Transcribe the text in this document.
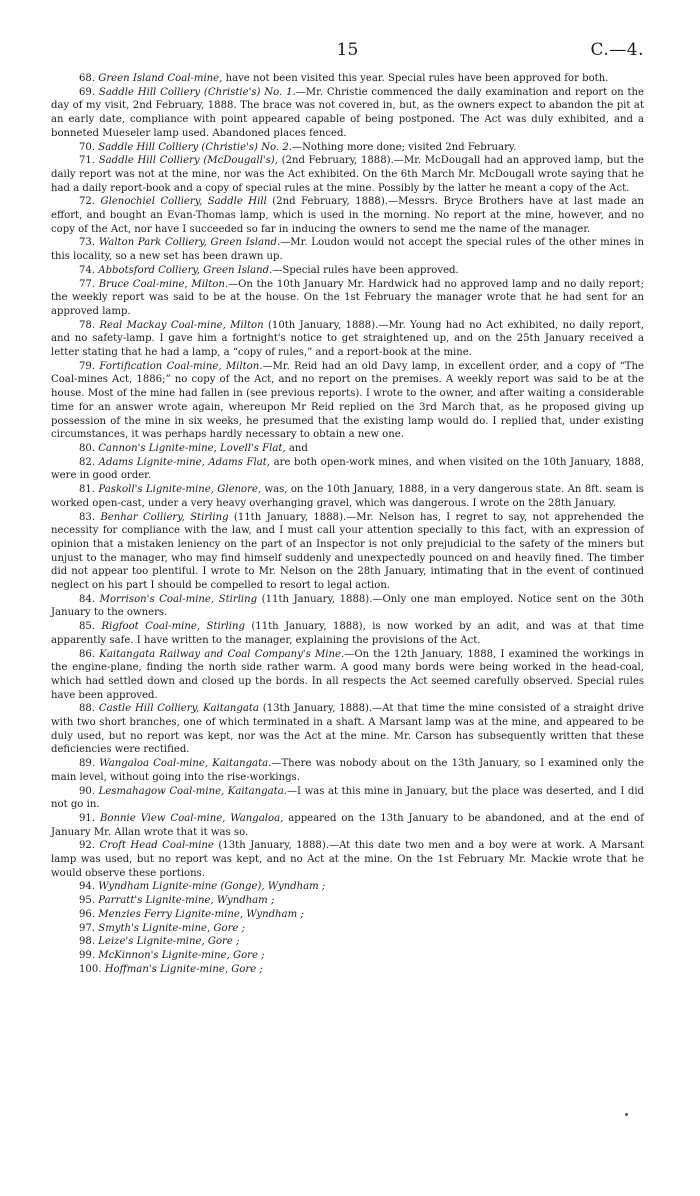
15	C.—4.

68. Green Island Coal-mine, have not been visited this year. Special rules have been approved for both.

69. Saddle Hill Colliery (Christie's) No. 1.—Mr. Christie commenced the daily examination and report on the day of my visit, 2nd February, 1888. The brace was not covered in, but, as the owners expect to abandon the pit at an early date, compliance with point appeared capable of being postponed. The Act was duly exhibited, and a bonneted Mueseler lamp used. Abandoned places fenced.

70. Saddle Hill Colliery (Christie's) No. 2.—Nothing more done; visited 2nd February.

71. Saddle Hill Colliery (McDougall's), (2nd February, 1888).—Mr. McDougall had an approved lamp, but the daily report was not at the mine, nor was the Act exhibited. On the 6th March Mr. McDougall wrote saying that he had a daily report-book and a copy of special rules at the mine. Possibly by the latter he meant a copy of the Act.

72. Glenochiel Colliery, Saddle Hill (2nd February, 1888).—Messrs. Bryce Brothers have at last made an effort, and bought an Evan-Thomas lamp, which is used in the morning. No report at the mine, however, and no copy of the Act, nor have I succeeded so far in inducing the owners to send me the name of the manager.

73. Walton Park Colliery, Green Island.—Mr. Loudon would not accept the special rules of the other mines in this locality, so a new set has been drawn up.

74. Abbotsford Colliery, Green Island.—Special rules have been approved.

77. Bruce Coal-mine, Milton.—On the 10th January Mr. Hardwick had no approved lamp and no daily report; the weekly report was said to be at the house. On the 1st February the manager wrote that he had sent for an approved lamp.

78. Real Mackay Coal-mine, Milton (10th January, 1888).—Mr. Young had no Act exhibited, no daily report, and no safety-lamp. I gave him a fortnight's notice to get straightened up, and on the 25th January received a letter stating that he had a lamp, a “copy of rules,” and a report-book at the mine.

79. Fortification Coal-mine, Milton.—Mr. Reid had an old Davy lamp, in excellent order, and a copy of “The Coal-mines Act, 1886;” no copy of the Act, and no report on the premises. A weekly report was said to be at the house. Most of the mine had fallen in (see previous reports). I wrote to the owner, and after waiting a considerable time for an answer wrote again, whereupon Mr Reid replied on the 3rd March that, as he proposed giving up possession of the mine in six weeks, he presumed that the existing lamp would do. I replied that, under existing circumstances, it was perhaps hardly necessary to obtain a new one.

80. Cannon's Lignite-mine, Lovell's Flat, and

82. Adams Lignite-mine, Adams Flat, are both open-work mines, and when visited on the 10th January, 1888, were in good order.

81. Paskoll's Lignite-mine, Glenore, was, on the 10th January, 1888, in a very dangerous state. An 8ft. seam is worked open-cast, under a very heavy overhanging gravel, which was dangerous. I wrote on the 28th January.

83. Benhar Colliery, Stirling (11th January, 1888).—Mr. Nelson has, I regret to say, not apprehended the necessity for compliance with the law, and I must call your attention specially to this fact, with an expression of opinion that a mistaken leniency on the part of an Inspector is not only prejudicial to the safety of the miners but unjust to the manager, who may find himself suddenly and unexpectedly pounced on and heavily fined. The timber did not appear too plentiful. I wrote to Mr. Nelson on the 28th January, intimating that in the event of continued neglect on his part I should be compelled to resort to legal action.

84. Morrison's Coal-mine, Stirling (11th January, 1888).—Only one man employed. Notice sent on the 30th January to the owners.

85. Rigfoot Coal-mine, Stirling (11th January, 1888), is now worked by an adit, and was at that time apparently safe. I have written to the manager, explaining the provisions of the Act.

86. Kaitangata Railway and Coal Company's Mine.—On the 12th January, 1888, I examined the workings in the engine-plane, finding the north side rather warm. A good many bords were being worked in the head-coal, which had settled down and closed up the bords. In all respects the Act seemed carefully observed. Special rules have been approved.

88. Castle Hill Colliery, Kaitangata (13th January, 1888).—At that time the mine consisted of a straight drive with two short branches, one of which terminated in a shaft. A Marsant lamp was at the mine, and appeared to be duly used, but no report was kept, nor was the Act at the mine. Mr. Carson has subsequently written that these deficiencies were rectified.

89. Wangaloa Coal-mine, Kaitangata.—There was nobody about on the 13th January, so I examined only the main level, without going into the rise-workings.

90. Lesmahagow Coal-mine, Kaitangata.—I was at this mine in January, but the place was deserted, and I did not go in.

91. Bonnie View Coal-mine, Wangaloa, appeared on the 13th January to be abandoned, and at the end of January Mr. Allan wrote that it was so.

92. Croft Head Coal-mine (13th January, 1888).—At this date two men and a boy were at work. A Marsant lamp was used, but no report was kept, and no Act at the mine. On the 1st February Mr. Mackie wrote that he would observe these portions.

94. Wyndham Lignite-mine (Gonge), Wyndham ;
95. Parratt's Lignite-mine, Wyndham ;
96. Menzies Ferry Lignite-mine, Wyndham ;
97. Smyth's Lignite-mine, Gore ;
98. Leize's Lignite-mine, Gore ;
99. McKinnon's Lignite-mine, Gore ;
100. Hoffman's Lignite-mine, Gore ;
